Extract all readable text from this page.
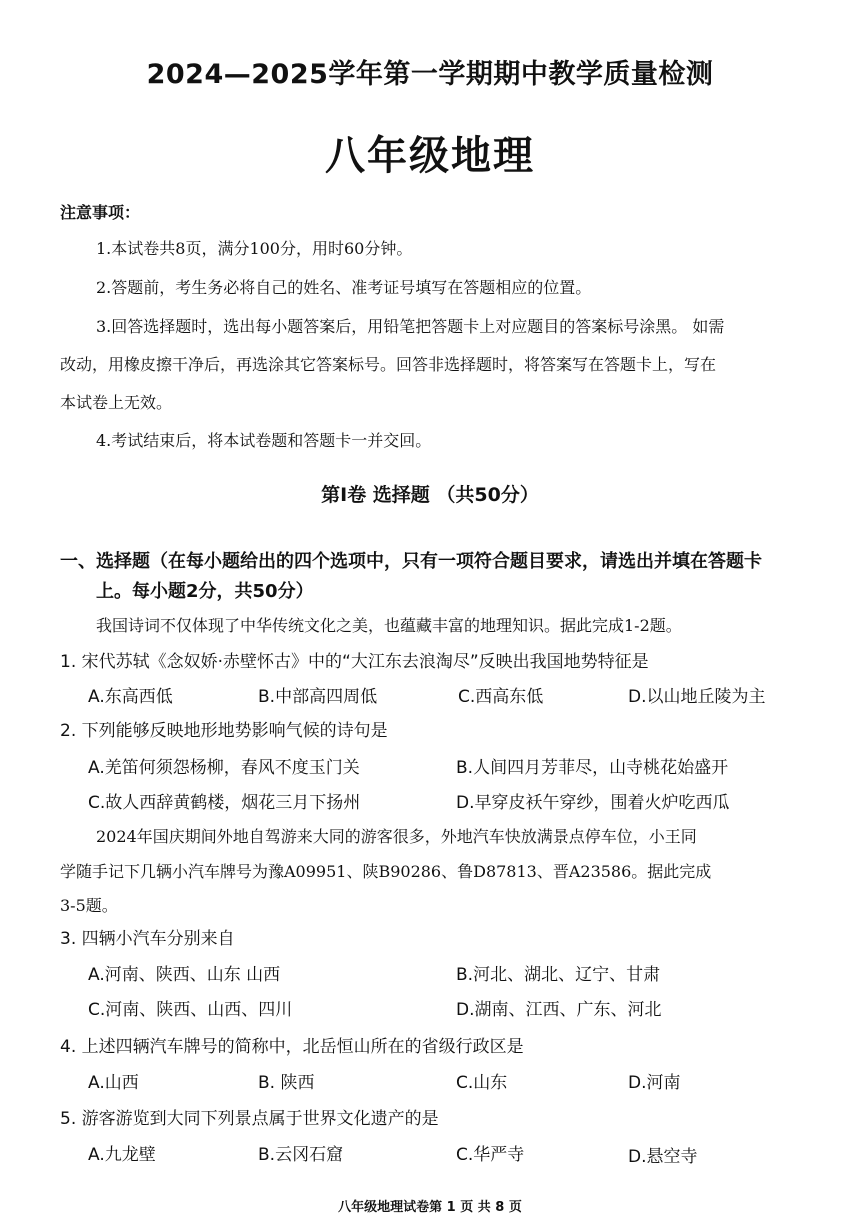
2024—2025学年第一学期期中教学质量检测
八年级地理
注意事项：
1.本试卷共8页，满分100分，用时60分钟。
2.答题前，考生务必将自己的姓名、准考证号填写在答题相应的位置。
3.回答选择题时，选出每小题答案后，用铅笔把答题卡上对应题目的答案标号涂黑。 如需
改动，用橡皮擦干净后，再选涂其它答案标号。回答非选择题时，将答案写在答题卡上，写在
本试卷上无效。
4.考试结束后，将本试卷题和答题卡一并交回。
第Ⅰ卷 选择题 （共50分）
一、选择题（在每小题给出的四个选项中，只有一项符合题目要求，请选出并填在答题卡
上。每小题2分，共50分）
我国诗词不仅体现了中华传统文化之美，也蕴藏丰富的地理知识。据此完成1-2题。
1. 宋代苏轼《念奴娇·赤壁怀古》中的“大江东去浪淘尽”反映出我国地势特征是
A.东高西低	B.中部高四周低	C.西高东低	D.以山地丘陵为主
2. 下列能够反映地形地势影响气候的诗句是
A.羌笛何须怨杨柳，春风不度玉门关	B.人间四月芳菲尽，山寺桃花始盛开
C.故人西辞黄鹤楼，烟花三月下扬州	D.早穿皮袄午穿纱，围着火炉吃西瓜
2024年国庆期间外地自驾游来大同的游客很多，外地汽车快放满景点停车位，小王同
学随手记下几辆小汽车牌号为豫A09951、陕B90286、鲁D87813、晋A23586。据此完成
3-5题。
3. 四辆小汽车分别来自
A.河南、陕西、山东 山西	B.河北、湖北、辽宁、甘肃
C.河南、陕西、山西、四川	D.湖南、江西、广东、河北
4. 上述四辆汽车牌号的简称中，北岳恒山所在的省级行政区是
A.山西	B. 陕西	C.山东	D.河南
5. 游客游览到大同下列景点属于世界文化遗产的是
A.九龙壁	B.云冈石窟	C.华严寺	D.悬空寺
八年级地理试卷第 1 页 共 8 页
